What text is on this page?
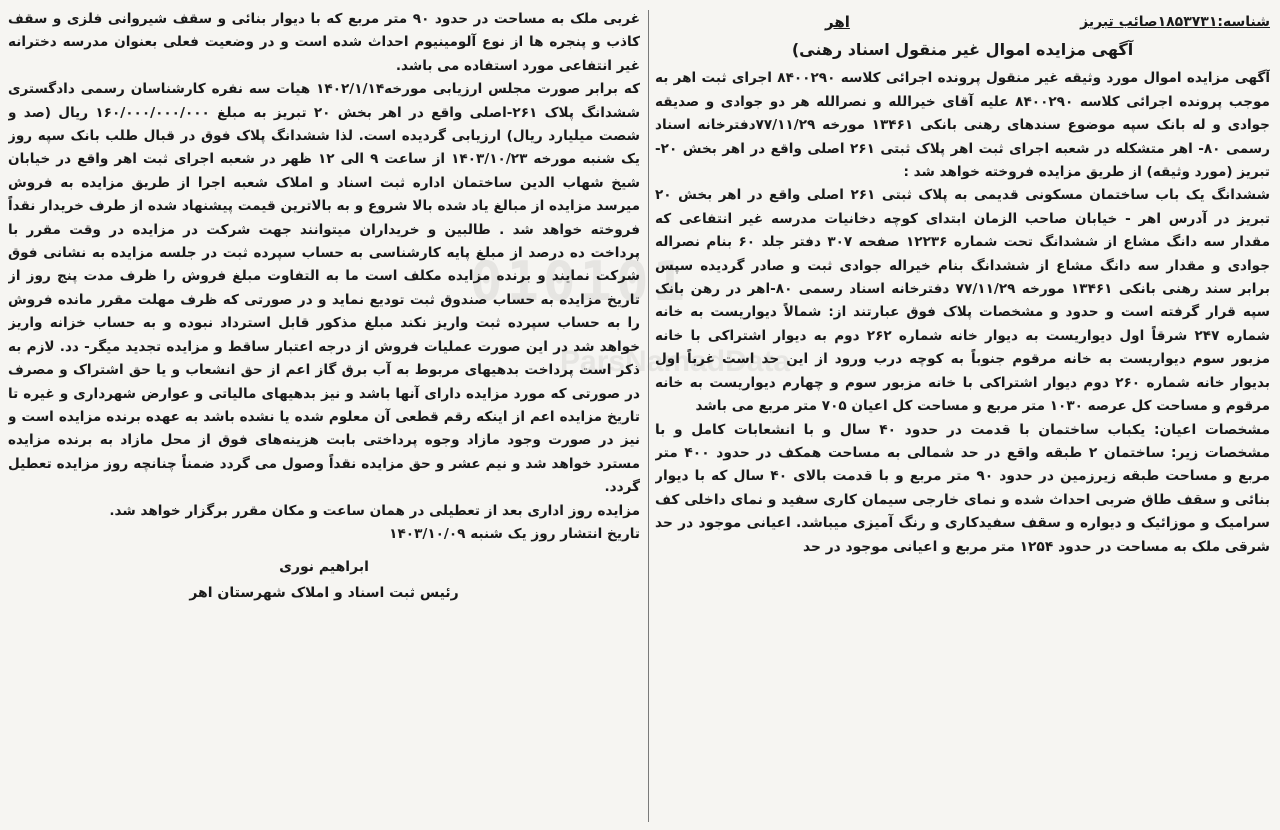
010101
ParsNamadData
شناسه:۱۸۵۳۷۳۱صائب تبریز
اهر
آگهی مزایده اموال غیر منقول اسناد رهنی)

آگهی مزایده اموال مورد وثیقه غیر منقول پرونده اجرائی کلاسه ۸۴۰۰۲۹۰ اجرای ثبت اهر به موجب پرونده اجرائی کلاسه ۸۴۰۰۲۹۰ علیه آقای خیرالله و نصرالله هر دو جوادی و صدیقه جوادی و له بانک سپه موضوع سندهای رهنی بانکی ۱۳۴۶۱ مورخه ۷۷/۱۱/۲۹دفترخانه اسناد رسمی ۸۰- اهر متشکله در شعبه اجرای ثبت اهر پلاک ثبتی ۲۶۱ اصلی واقع در اهر بخش ۲۰- تبریز (مورد وثیقه) از طریق مزایده فروخته خواهد شد :

ششدانگ یک باب ساختمان مسکونی قدیمی به پلاک ثبتی ۲۶۱ اصلی واقع در اهر بخش ۲۰ تبریز در آدرس اهر - خیابان صاحب الزمان ابتدای کوچه دخانیات مدرسه غیر انتفاعی که مقدار سه دانگ مشاع از ششدانگ تحت شماره ۱۲۲۳۶ صفحه ۳۰۷ دفتر جلد ۶۰ بنام نصراله جوادی و مقدار سه دانگ مشاع از ششدانگ بنام خیراله جوادی ثبت و صادر گردیده سپس برابر سند رهنی بانکی ۱۳۴۶۱ مورخه ۷۷/۱۱/۲۹ دفترخانه اسناد رسمی ۸۰-اهر در رهن بانک سپه قرار گرفته است و حدود و مشخصات پلاک فوق عبارتند از: شمالاً دیواریست به خانه شماره ۲۴۷ شرقاً اول دیواریست به دیوار خانه شماره ۲۶۲ دوم به دیوار اشتراکی با خانه مزبور سوم دیواریست به خانه مرقوم جنوباً به کوچه درب ورود از این حد است غرباً اول بدیوار خانه شماره ۲۶۰ دوم دیوار اشتراکی با خانه مزبور سوم و چهارم دیواریست به خانه مرقوم و مساحت کل عرصه ۱۰۳۰ متر مربع و مساحت کل اعیان ۷۰۵ متر مربع می باشد

مشخصات اعیان: یکباب ساختمان با قدمت در حدود ۴۰ سال و با انشعابات کامل و با مشخصات زیر: ساختمان ۲ طبقه واقع در حد شمالی به مساحت همکف در حدود ۴۰۰ متر مربع و مساحت طبقه زیرزمین در حدود ۹۰ متر مربع و با قدمت بالای ۴۰ سال که با دیوار بنائی و سقف طاق ضربی احداث شده و نمای خارجی سیمان کاری سفید و نمای داخلی کف سرامیک و موزائیک و دیواره و سقف سفیدکاری و رنگ آمیزی میباشد. اعیانی موجود در حد شرقی ملک به مساحت در حدود ۱۲۵۴ متر مربع و اعیانی موجود در حد

غربی ملک به مساحت در حدود ۹۰ متر مربع که با دیوار بنائی و سقف شیروانی فلزی و سقف کاذب و پنجره ها از نوع آلومینیوم احداث شده است و در وضعیت فعلی بعنوان مدرسه دخترانه غیر انتفاعی مورد استفاده می باشد.

که برابر صورت مجلس ارزیابی مورخه۱۴۰۲/۱/۱۴ هیات سه نفره کارشناسان رسمی دادگستری ششدانگ پلاک ۲۶۱-اصلی واقع در اهر بخش ۲۰ تبریز به مبلغ ۱۶۰/۰۰۰/۰۰۰/۰۰۰ ریال (صد و شصت میلیارد ریال) ارزیابی گردیده است. لذا ششدانگ پلاک فوق در قبال طلب بانک سپه روز یک شنبه مورخه ۱۴۰۳/۱۰/۲۳ از ساعت ۹ الی ۱۲ ظهر در شعبه اجرای ثبت اهر واقع در خیابان شیخ شهاب الدین ساختمان اداره ثبت اسناد و املاک شعبه اجرا از طریق مزایده به فروش میرسد مزایده از مبالغ یاد شده بالا شروع و به بالاترین قیمت پیشنهاد شده از طرف خریدار نقداً فروخته خواهد شد . طالبین و خریداران میتوانند جهت شرکت در مزایده در وقت مقرر با پرداخت ده درصد از مبلغ پایه کارشناسی به حساب سپرده ثبت در جلسه مزایده به نشانی فوق شرکت نمایند و برنده مزایده مکلف است ما به التفاوت مبلغ فروش را ظرف مدت پنج روز از تاریخ مزایده به حساب صندوق ثبت تودیع نماید و در صورتی که ظرف مهلت مقرر مانده فروش را به حساب سپرده ثبت واریز نکند مبلغ مذکور قابل استرداد نبوده و به حساب خزانه واریز خواهد شد در این صورت عملیات فروش از درجه اعتبار ساقط و مزایده تجدید میگر- دد. لازم به ذکر است پرداخت بدهیهای مربوط به آب برق گاز اعم از حق انشعاب و یا حق اشتراک و مصرف در صورتی که مورد مزایده دارای آنها باشد و نیز بدهیهای مالیاتی و عوارض شهرداری و غیره تا تاریخ مزایده اعم از اینکه رقم قطعی آن معلوم شده یا نشده باشد به عهده برنده مزایده است و نیز در صورت وجود مازاد وجوه پرداختی بابت هزینه‌های فوق از محل مازاد به برنده مزایده مسترد خواهد شد و نیم عشر و حق مزایده نقداً وصول می گردد ضمناً چنانچه روز مزایده تعطیل گردد.

مزایده روز اداری بعد از تعطیلی در همان ساعت و مکان مقرر برگزار خواهد شد.

تاریخ انتشار روز یک شنبه ۱۴۰۳/۱۰/۰۹

ابراهیم نوری
رئیس ثبت اسناد و املاک شهرستان اهر
